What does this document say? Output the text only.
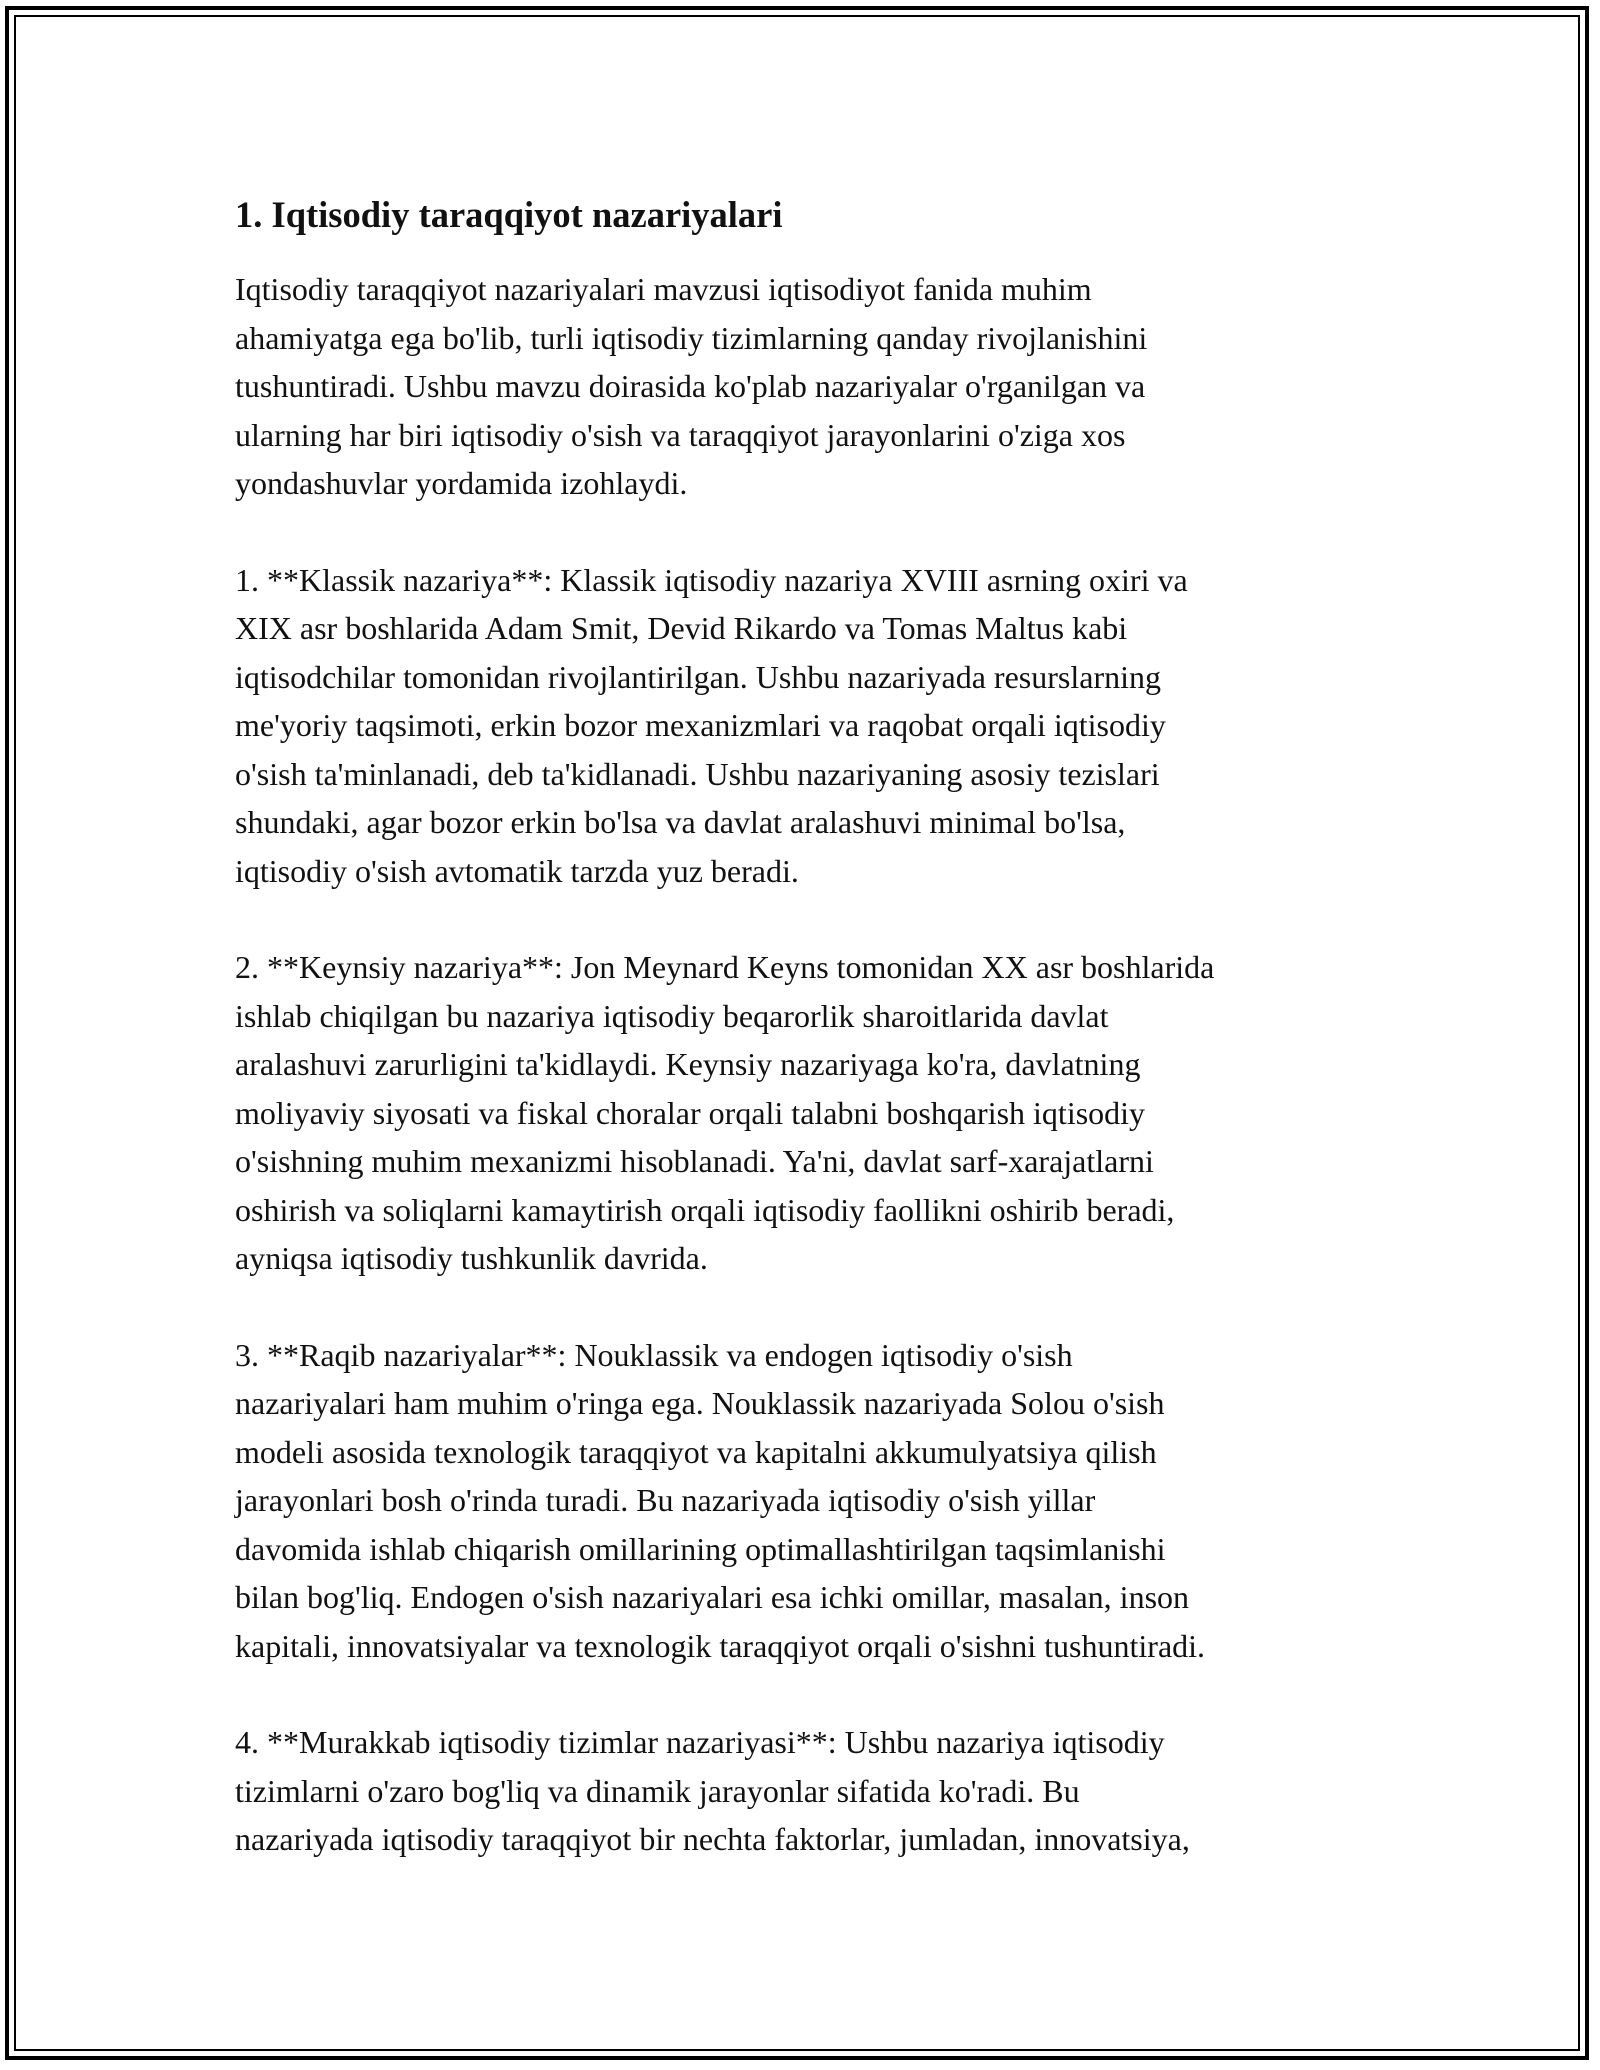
1. Iqtisodiy taraqqiyot nazariyalari

Iqtisodiy taraqqiyot nazariyalari mavzusi iqtisodiyot fanida muhim
ahamiyatga ega bo'lib, turli iqtisodiy tizimlarning qanday rivojlanishini
tushuntiradi. Ushbu mavzu doirasida ko'plab nazariyalar o'rganilgan va
ularning har biri iqtisodiy o'sish va taraqqiyot jarayonlarini o'ziga xos
yondashuvlar yordamida izohlaydi.

1. **Klassik nazariya**: Klassik iqtisodiy nazariya XVIII asrning oxiri va
XIX asr boshlarida Adam Smit, Devid Rikardo va Tomas Maltus kabi
iqtisodchilar tomonidan rivojlantirilgan. Ushbu nazariyada resurslarning
me'yoriy taqsimoti, erkin bozor mexanizmlari va raqobat orqali iqtisodiy
o'sish ta'minlanadi, deb ta'kidlanadi. Ushbu nazariyaning asosiy tezislari
shundaki, agar bozor erkin bo'lsa va davlat aralashuvi minimal bo'lsa,
iqtisodiy o'sish avtomatik tarzda yuz beradi.

2. **Keynsiy nazariya**: Jon Meynard Keyns tomonidan XX asr boshlarida
ishlab chiqilgan bu nazariya iqtisodiy beqarorlik sharoitlarida davlat
aralashuvi zarurligini ta'kidlaydi. Keynsiy nazariyaga ko'ra, davlatning
moliyaviy siyosati va fiskal choralar orqali talabni boshqarish iqtisodiy
o'sishning muhim mexanizmi hisoblanadi. Ya'ni, davlat sarf-xarajatlarni
oshirish va soliqlarni kamaytirish orqali iqtisodiy faollikni oshirib beradi,
ayniqsa iqtisodiy tushkunlik davrida.

3. **Raqib nazariyalar**: Nouklassik va endogen iqtisodiy o'sish
nazariyalari ham muhim o'ringa ega. Nouklassik nazariyada Solou o'sish
modeli asosida texnologik taraqqiyot va kapitalni akkumulyatsiya qilish
jarayonlari bosh o'rinda turadi. Bu nazariyada iqtisodiy o'sish yillar
davomida ishlab chiqarish omillarining optimallashtirilgan taqsimlanishi
bilan bog'liq. Endogen o'sish nazariyalari esa ichki omillar, masalan, inson
kapitali, innovatsiyalar va texnologik taraqqiyot orqali o'sishni tushuntiradi.

4. **Murakkab iqtisodiy tizimlar nazariyasi**: Ushbu nazariya iqtisodiy
tizimlarni o'zaro bog'liq va dinamik jarayonlar sifatida ko'radi. Bu
nazariyada iqtisodiy taraqqiyot bir nechta faktorlar, jumladan, innovatsiya,
